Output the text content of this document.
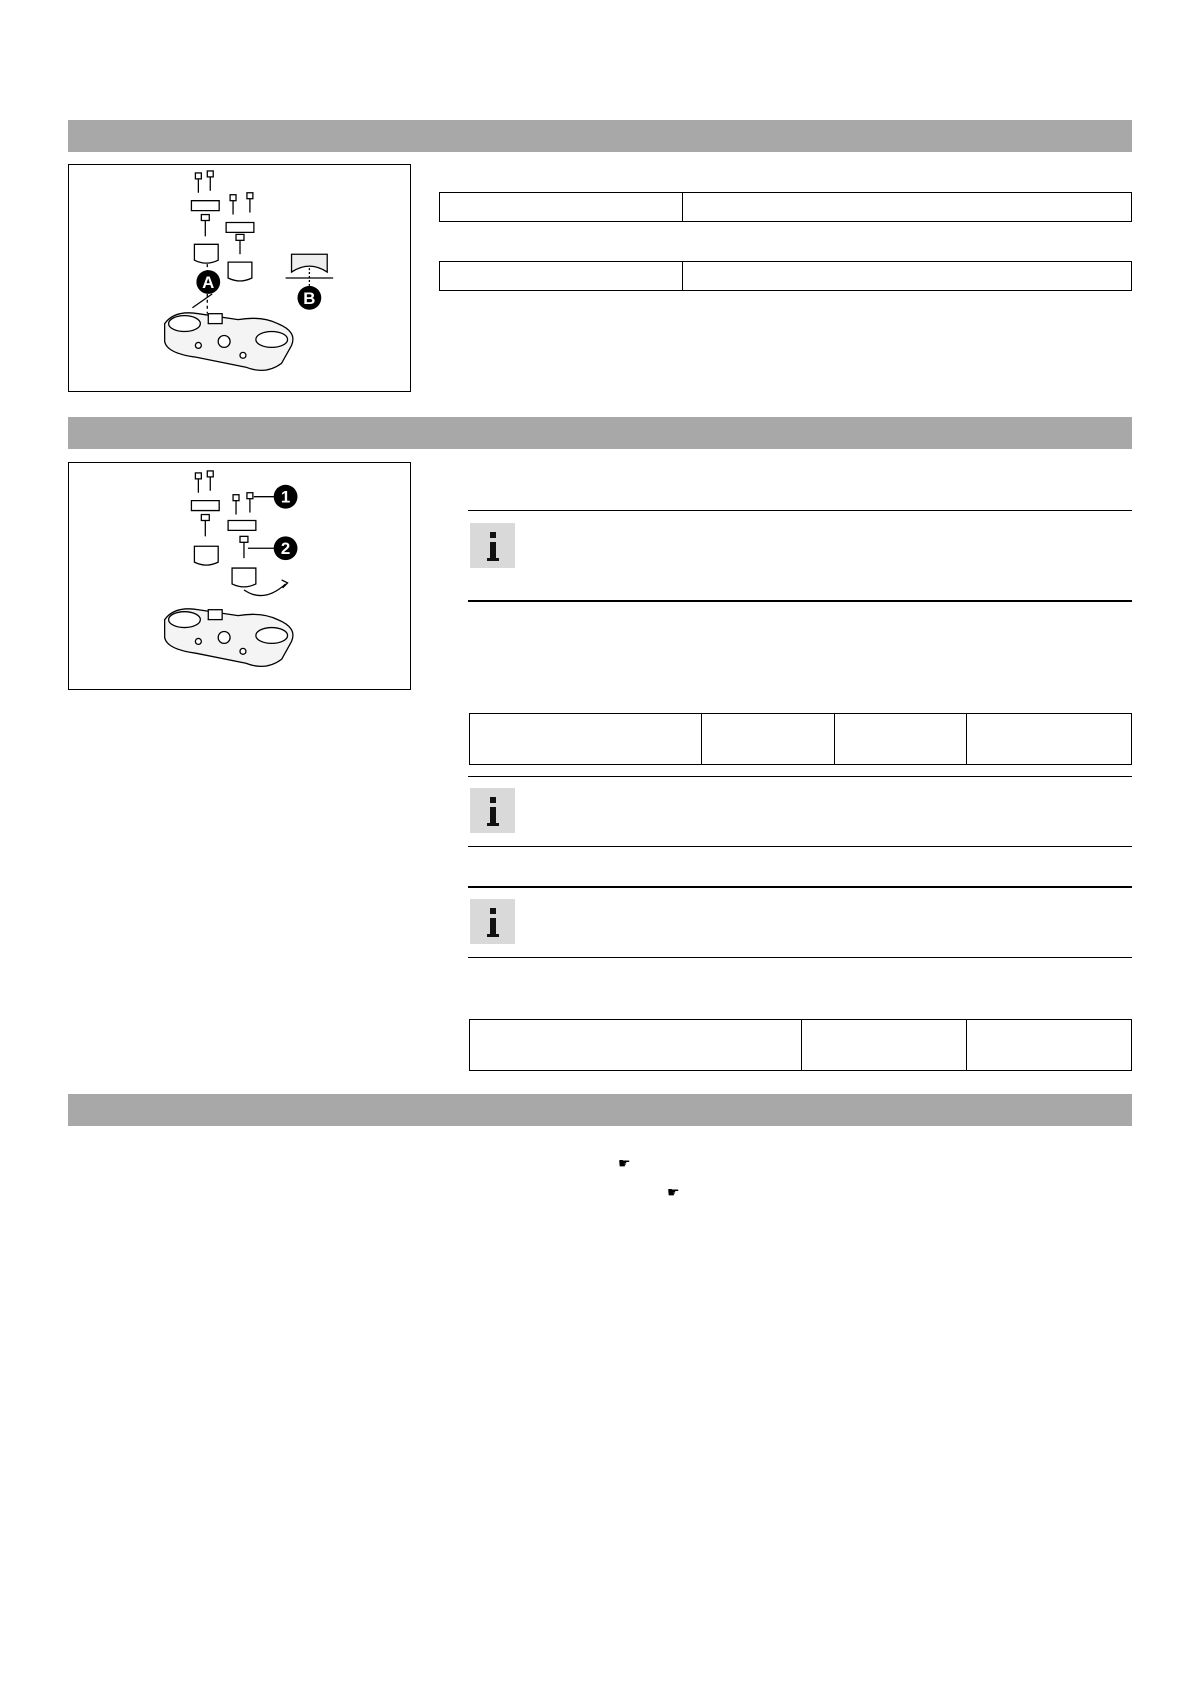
A
B
1
2
☛
☛
